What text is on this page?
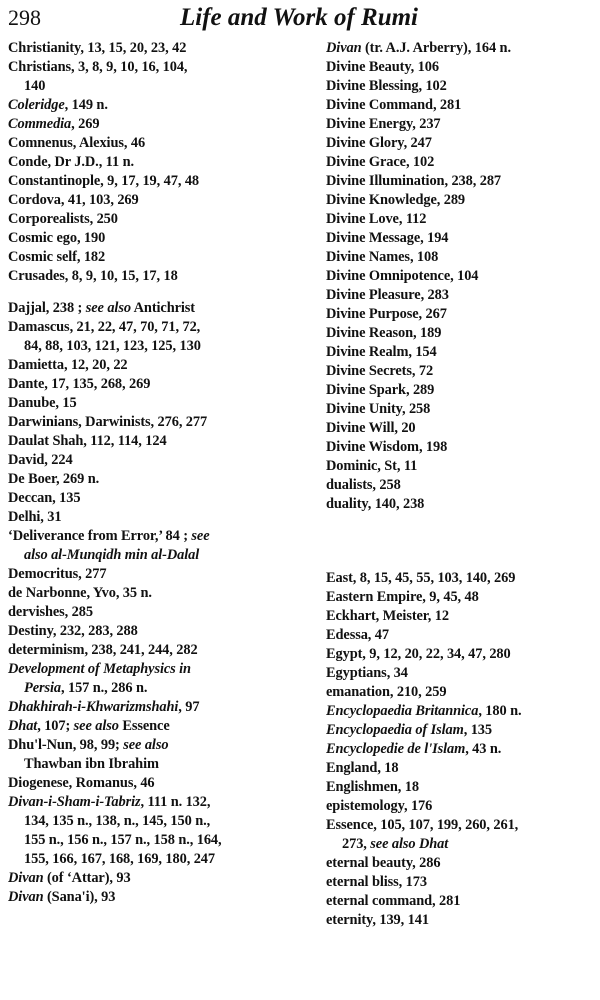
298	Life and Work of Rumi
Christianity, 13, 15, 20, 23, 42
Christians, 3, 8, 9, 10, 16, 104,
140
Coleridge, 149 n.
Commedia, 269
Comnenus, Alexius, 46
Conde, Dr J.D., 11 n.
Constantinople, 9, 17, 19, 47, 48
Cordova, 41, 103, 269
Corporealists, 250
Cosmic ego, 190
Cosmic self, 182
Crusades, 8, 9, 10, 15, 17, 18
Dajjal, 238 ; see also Antichrist
Damascus, 21, 22, 47, 70, 71, 72,
84, 88, 103, 121, 123, 125, 130
Damietta, 12, 20, 22
Dante, 17, 135, 268, 269
Danube, 15
Darwinians, Darwinists, 276, 277
Daulat Shah, 112, 114, 124
David, 224
De Boer, 269 n.
Deccan, 135
Delhi, 31
‘Deliverance from Error,’ 84 ; see
also al-Munqidh min al-Dalal
Democritus, 277
de Narbonne, Yvo, 35 n.
dervishes, 285
Destiny, 232, 283, 288
determinism, 238, 241, 244, 282
Development of Metaphysics in
Persia, 157 n., 286 n.
Dhakhirah-i-Khwarizmshahi, 97
Dhat, 107; see also Essence
Dhu'l-Nun, 98, 99; see also
Thawban ibn Ibrahim
Diogenese, Romanus, 46
Divan-i-Sham-i-Tabriz, 111 n. 132,
134, 135 n., 138, n., 145, 150 n.,
155 n., 156 n., 157 n., 158 n., 164,
155, 166, 167, 168, 169, 180, 247
Divan (of ‘Attar), 93
Divan (Sana'i), 93
Divan (tr. A.J. Arberry), 164 n.
Divine Beauty, 106
Divine Blessing, 102
Divine Command, 281
Divine Energy, 237
Divine Glory, 247
Divine Grace, 102
Divine Illumination, 238, 287
Divine Knowledge, 289
Divine Love, 112
Divine Message, 194
Divine Names, 108
Divine Omnipotence, 104
Divine Pleasure, 283
Divine Purpose, 267
Divine Reason, 189
Divine Realm, 154
Divine Secrets, 72
Divine Spark, 289
Divine Unity, 258
Divine Will, 20
Divine Wisdom, 198
Dominic, St, 11
dualists, 258
duality, 140, 238
East, 8, 15, 45, 55, 103, 140, 269
Eastern Empire, 9, 45, 48
Eckhart, Meister, 12
Edessa, 47
Egypt, 9, 12, 20, 22, 34, 47, 280
Egyptians, 34
emanation, 210, 259
Encyclopaedia Britannica, 180 n.
Encyclopaedia of Islam, 135
Encyclopedie de l'Islam, 43 n.
England, 18
Englishmen, 18
epistemology, 176
Essence, 105, 107, 199, 260, 261,
273, see also Dhat
eternal beauty, 286
eternal bliss, 173
eternal command, 281
eternity, 139, 141
